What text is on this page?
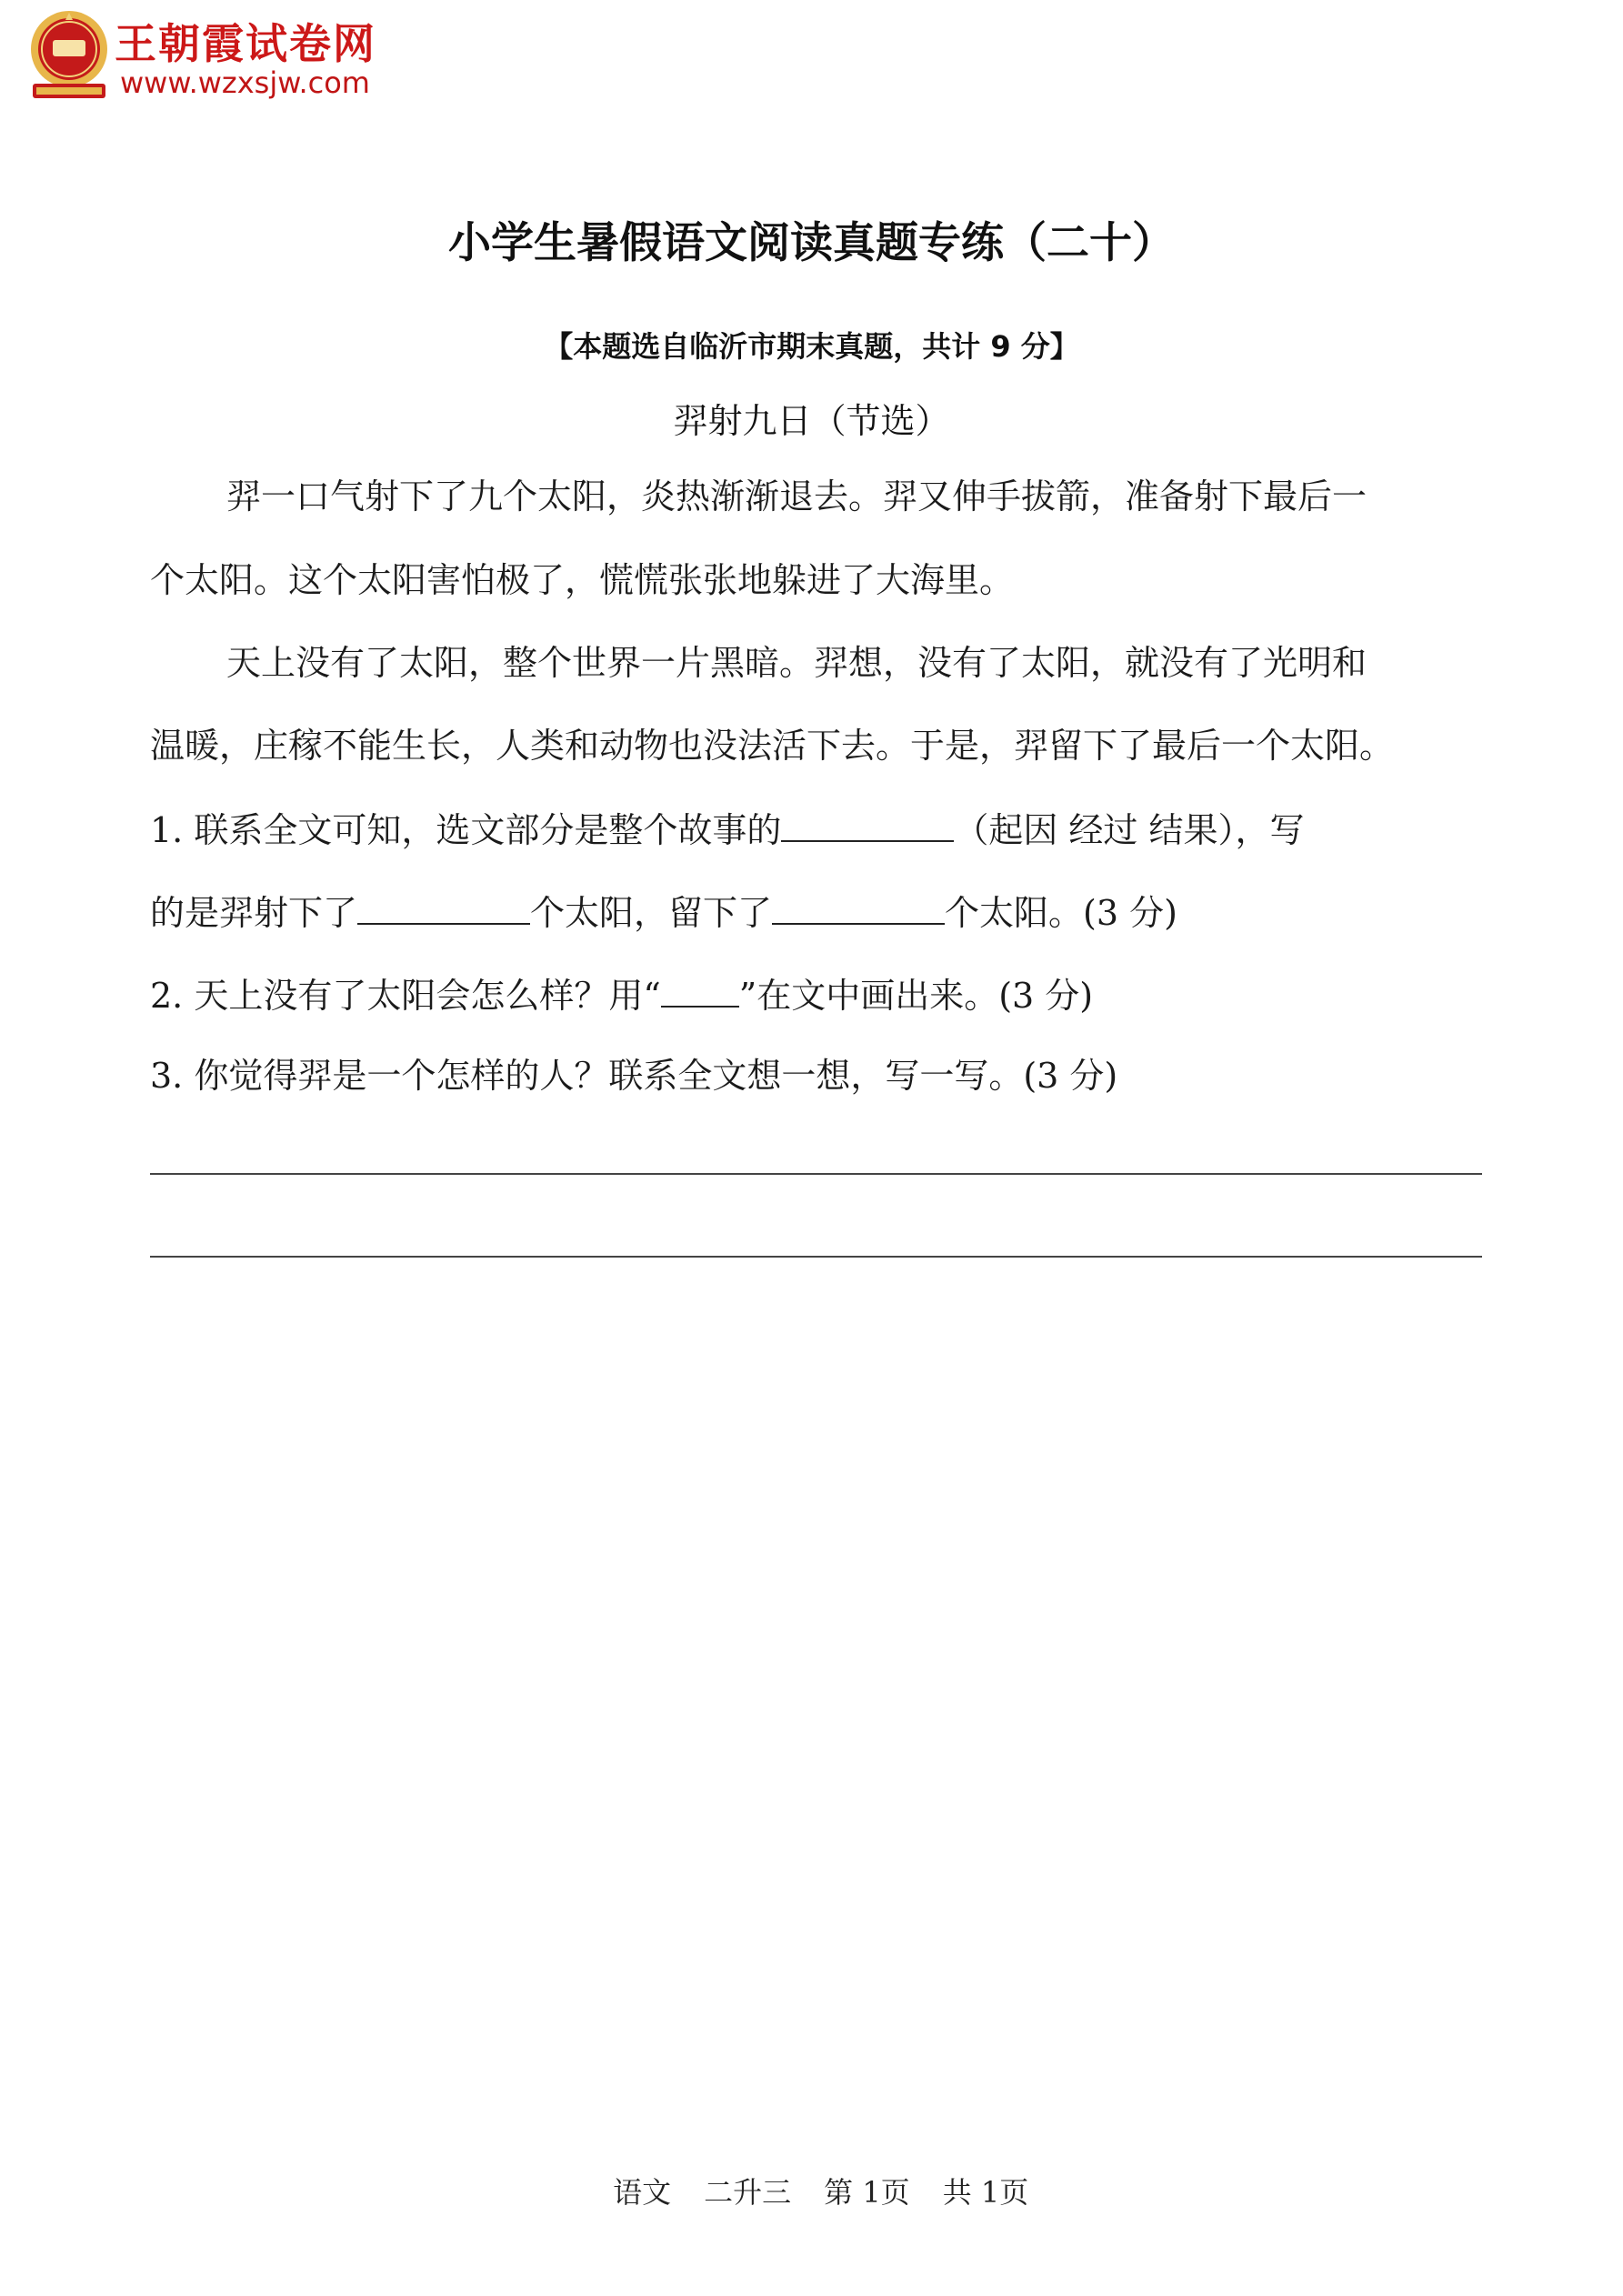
王朝霞试卷网
www.wzxsjw.com
小学生暑假语文阅读真题专练（二十）
【本题选自临沂市期末真题，共计 9 分】
羿射九日（节选）
羿一口气射下了九个太阳，炎热渐渐退去。羿又伸手拔箭，准备射下最后一
个太阳。这个太阳害怕极了，慌慌张张地躲进了大海里。
天上没有了太阳，整个世界一片黑暗。羿想，没有了太阳，就没有了光明和
温暖，庄稼不能生长，人类和动物也没法活下去。于是，羿留下了最后一个太阳。
1. 联系全文可知，选文部分是整个故事的	（起因 经过 结果），写
的是羿射下了	个太阳，留下了	个太阳。(3 分)
2. 天上没有了太阳会怎么样？用“ ”在文中画出来。(3 分)
3. 你觉得羿是一个怎样的人？联系全文想一想，写一写。(3 分)

语文 二升三 第 1页 共 1页
